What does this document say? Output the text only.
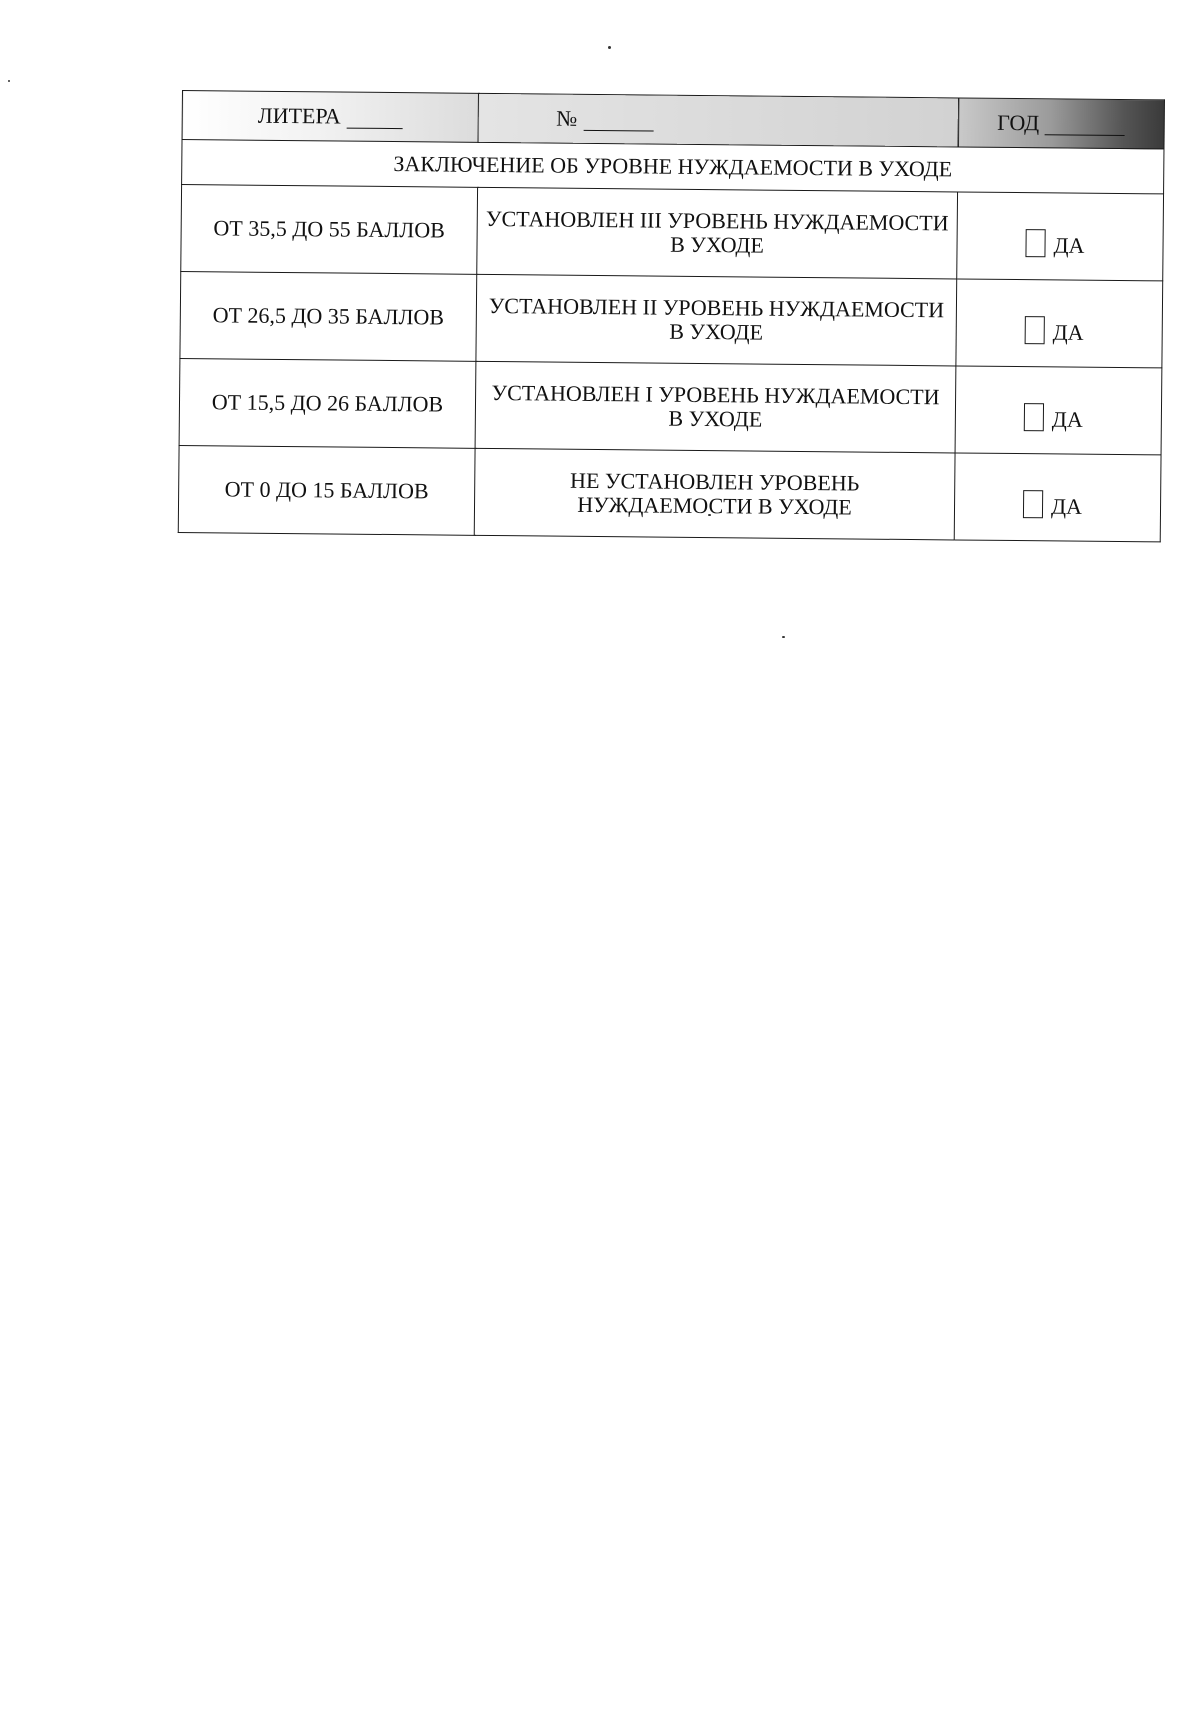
ЛИТЕРА	№	ГОД
ЗАКЛЮЧЕНИЕ ОБ УРОВНЕ НУЖДАЕМОСТИ В УХОДЕ		
ОТ 35,5 ДО 55 БАЛЛОВ	УСТАНОВЛЕН III УРОВЕНЬ НУЖДАЕМОСТИ В УХОДЕ	ДА
ОТ 26,5 ДО 35 БАЛЛОВ	УСТАНОВЛЕН II УРОВЕНЬ НУЖДАЕМОСТИ В УХОДЕ	ДА
ОТ 15,5 ДО 26 БАЛЛОВ	УСТАНОВЛЕН I УРОВЕНЬ НУЖДАЕМОСТИ В УХОДЕ	ДА
ОТ 0 ДО 15 БАЛЛОВ	НЕ УСТАНОВЛЕН УРОВЕНЬ НУЖДАЕМОСТИ В УХОДЕ	ДА
